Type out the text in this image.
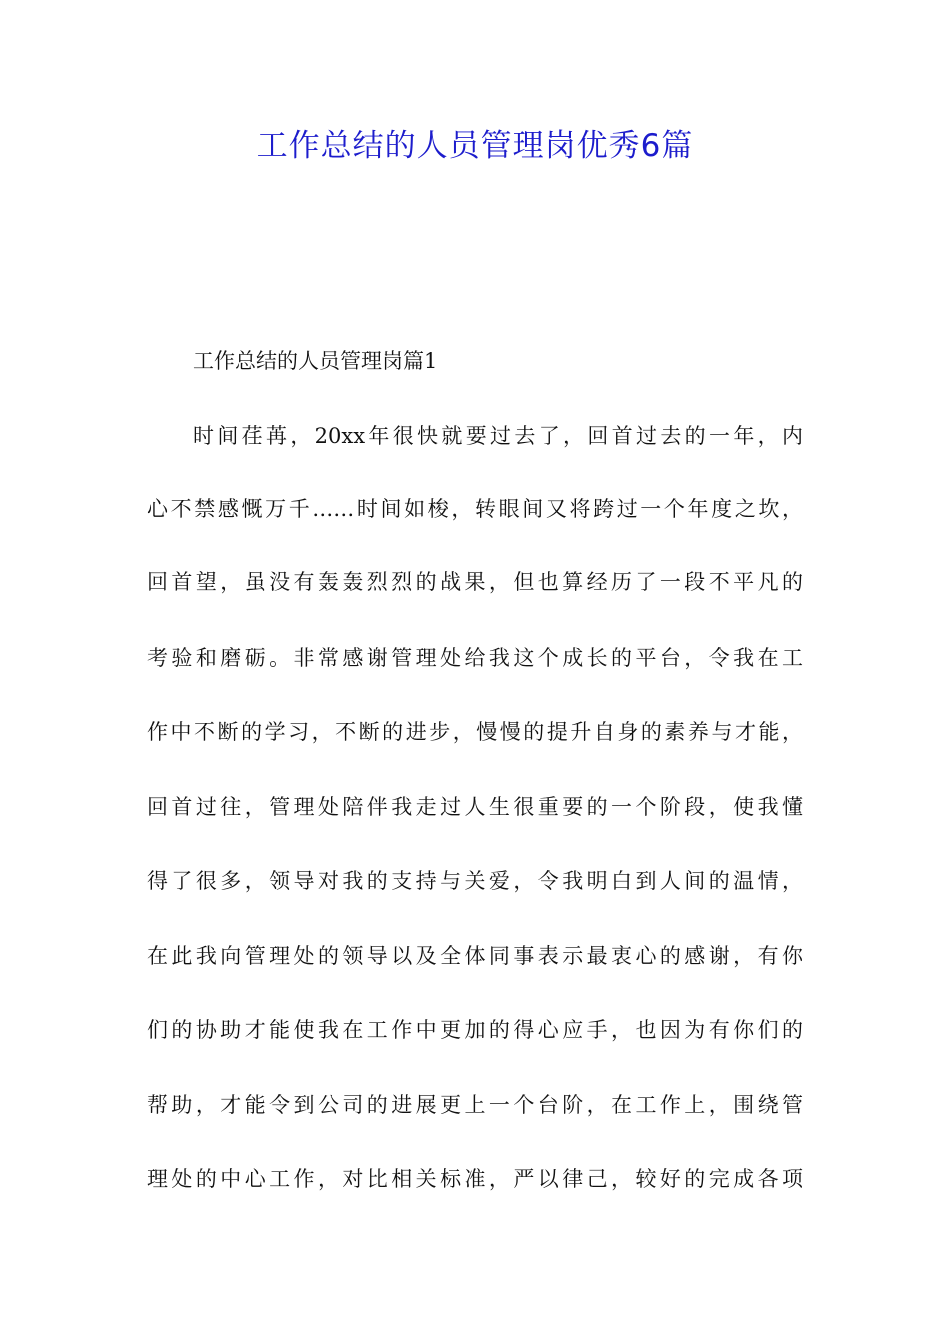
工作总结的人员管理岗优秀6篇

工作总结的人员管理岗篇1

时间荏苒，20xx年很快就要过去了，回首过去的一年，内

心不禁感慨万千……时间如梭，转眼间又将跨过一个年度之坎，

回首望，虽没有轰轰烈烈的战果，但也算经历了一段不平凡的

考验和磨砺。非常感谢管理处给我这个成长的平台，令我在工

作中不断的学习，不断的进步，慢慢的提升自身的素养与才能，

回首过往，管理处陪伴我走过人生很重要的一个阶段，使我懂

得了很多，领导对我的支持与关爱，令我明白到人间的温情，

在此我向管理处的领导以及全体同事表示最衷心的感谢，有你

们的协助才能使我在工作中更加的得心应手，也因为有你们的

帮助，才能令到公司的进展更上一个台阶，在工作上，围绕管

理处的中心工作，对比相关标准，严以律己，较好的完成各项
